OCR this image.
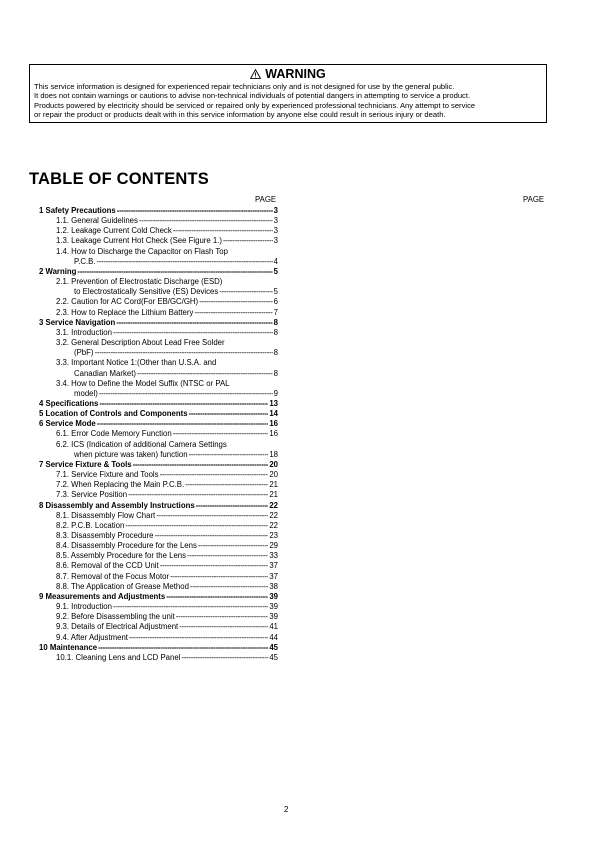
WARNING
This service information is designed for experienced repair technicians only and is not designed for use by the general public.
It does not contain warnings or cautions to advise non-technical individuals of potential dangers in attempting to service a product.
Products powered by electricity should be serviced or repaired only by experienced professional technicians. Any attempt to service
or repair the product or products dealt with in this service information by anyone else could result in serious injury or death.
TABLE OF CONTENTS
PAGE	PAGE
1 Safety Precautions -----	3
1.1. General Guidelines -----	3
1.2. Leakage Current Cold Check -----	3
1.3. Leakage Current Hot Check (See Figure 1.) -----	3
1.4. How to Discharge the Capacitor on Flash Top
P.C.B. -----	4
2 Warning -----	5
2.1. Prevention of Electrostatic Discharge (ESD)
to Electrostatically Sensitive (ES) Devices -----	5
2.2. Caution for AC Cord(For EB/GC/GH) -----	6
2.3. How to Replace the Lithium Battery -----	7
3 Service Navigation -----	8
3.1. Introduction -----	8
3.2. General Description About Lead Free Solder
(PbF) -----	8
3.3. Important Notice 1:(Other than U.S.A. and
Canadian Market) -----	8
3.4. How to Define the Model Suffix (NTSC or PAL
model) -----	9
4 Specifications -----	13
5 Location of Controls and Components -----	14
6 Service Mode -----	16
6.1. Error Code Memory Function -----	16
6.2. ICS (Indication of additional Camera Settings
when picture was taken) function -----	18
7 Service Fixture & Tools -----	20
7.1. Service Fixture and Tools -----	20
7.2. When Replacing the Main P.C.B. -----	21
7.3. Service Position -----	21
8 Disassembly and Assembly Instructions -----	22
8.1. Disassembly Flow Chart -----	22
8.2. P.C.B. Location -----	22
8.3. Disassembly Procedure -----	23
8.4. Disassembly Procedure for the Lens -----	29
8.5. Assembly Procedure for the Lens -----	33
8.6. Removal of the CCD Unit -----	37
8.7. Removal of the Focus Motor -----	37
8.8. The Application of Grease Method -----	38
9 Measurements and Adjustments -----	39
9.1. Introduction -----	39
9.2. Before Disassembling the unit -----	39
9.3. Details of Electrical Adjustment -----	41
9.4. After Adjustment -----	44
10 Maintenance -----	45
10.1. Cleaning Lens and LCD Panel -----	45
2
